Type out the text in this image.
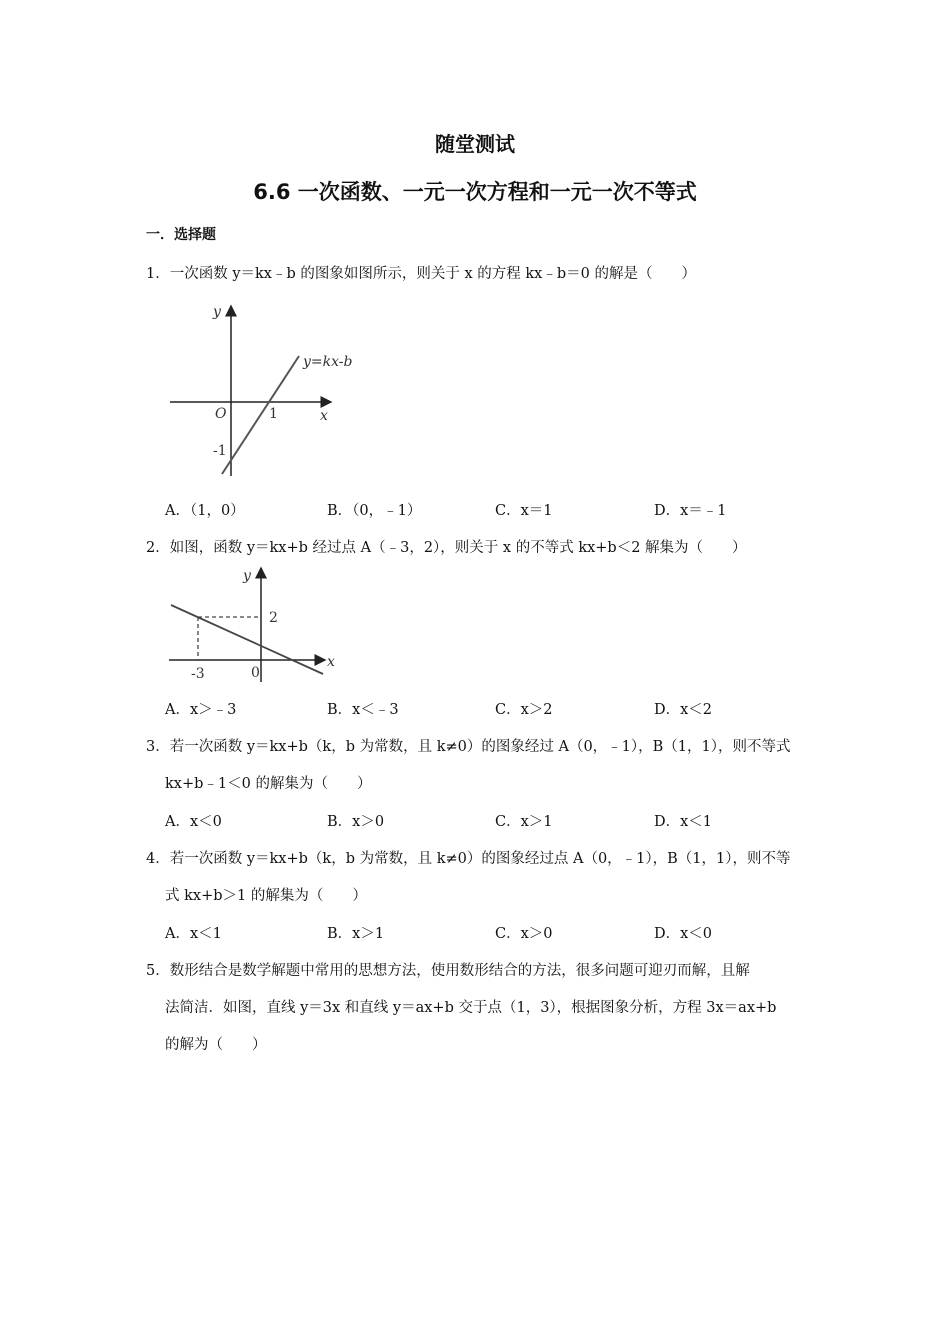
随堂测试
6.6 一次函数、一元一次方程和一元一次不等式
一．选择题
1．一次函数 y＝kx﹣b 的图象如图所示，则关于 x 的方程 kx﹣b＝0 的解是（　　）
y
x
O	1
-1
y=kx-b
A．（1，0）	B．（0，﹣1）	C．x＝1	D．x＝﹣1
2．如图，函数 y＝kx+b 经过点 A（﹣3，2），则关于 x 的不等式 kx+b＜2 解集为（　　）
y
x
0
-3
2
A．x＞﹣3	B．x＜﹣3	C．x＞2	D．x＜2
3．若一次函数 y＝kx+b（k，b 为常数，且 k≠0）的图象经过 A（0，﹣1），B（1，1），则不等式
kx+b﹣1＜0 的解集为（　　）
A．x＜0	B．x＞0	C．x＞1	D．x＜1
4．若一次函数 y＝kx+b（k，b 为常数，且 k≠0）的图象经过点 A（0，﹣1），B（1，1），则不等
式 kx+b＞1 的解集为（　　）
A．x＜1	B．x＞1	C．x＞0	D．x＜0
5．数形结合是数学解题中常用的思想方法，使用数形结合的方法，很多问题可迎刃而解，且解
法简洁．如图，直线 y＝3x 和直线 y＝ax+b 交于点（1，3），根据图象分析，方程 3x＝ax+b
的解为（　　）
